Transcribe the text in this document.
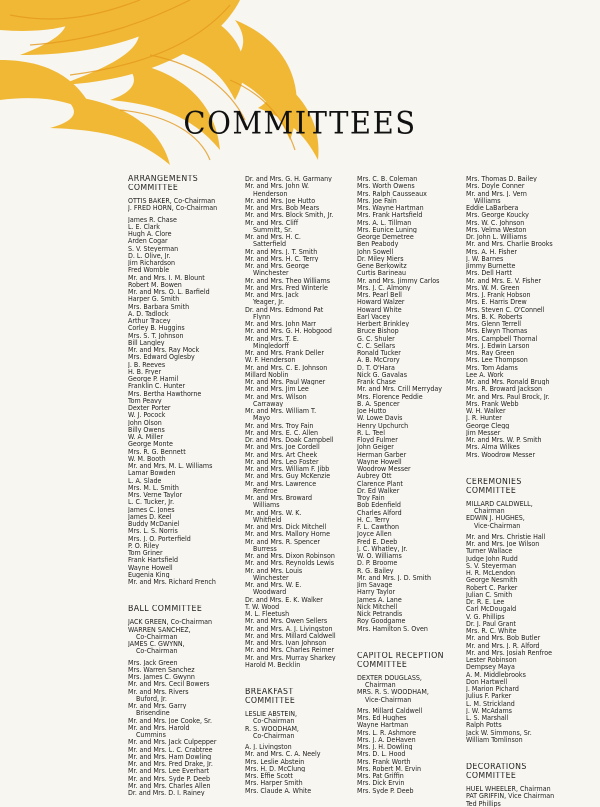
COMMITTEES
ARRANGEMENTS
COMMITTEE
OTTIS BAKER, Co-Chairman
J. FRED HORN, Co-Chairman
James R. Chase
L. E. Clark
Hugh A. Clore
Arden Cogar
S. V. Steyerman
D. L. Olive, Jr.
Jim Richardson
Fred Womble
Mr. and Mrs. I. M. Blount
Robert M. Bowen
Mr. and Mrs. O. L. Barfield
Harper G. Smith
Mrs. Barbara Smith
A. D. Tadlock
Arthur Tracey
Corley B. Huggins
Mrs. S. T. Johnson
Bill Langley
Mr. and Mrs. Ray Mock
Mrs. Edward Oglesby
J. B. Reeves
H. B. Fryer
George P. Hamil
Franklin C. Hunter
Mrs. Bertha Hawthorne
Tom Peavy
Dexter Porter
W. J. Pocock
John Olson
Billy Owens
W. A. Miller
George Monte
Mrs. R. G. Bennett
W. M. Booth
Mr. and Mrs. M. L. Williams
Lamar Bowden
L. A. Slade
Mrs. M. L. Smith
Mrs. Verne Taylor
L. C. Tucker, Jr.
James C. Jones
James D. Keel
Buddy McDaniel
Mrs. L. S. Norris
Mrs. J. O. Porterfield
P. O. Riley
Tom Griner
Frank Hartsfield
Wayne Howell
Eugenia King
Mr. and Mrs. Richard French
BALL COMMITTEE
JACK GREEN, Co-Chairman
WARREN SANCHEZ,
Co-Chairman
JAMES C. GWYNN,
Co-Chairman
Mrs. Jack Green
Mrs. Warren Sanchez
Mrs. James C. Gwynn
Mr. and Mrs. Cecil Bowers
Mr. and Mrs. Rivers
Buford, Jr.
Mr. and Mrs. Garry
Brisendine
Mr. and Mrs. Joe Cooke, Sr.
Mr. and Mrs. Harold
Cummins
Mr. and Mrs. Jack Culpepper
Mr. and Mrs. L. C. Crabtree
Mr. and Mrs. Ham Dowling
Mr. and Mrs. Fred Drake, Jr.
Mr. and Mrs. Lee Everhart
Mr. and Mrs. Syde P. Deeb
Mr. and Mrs. Charles Allen
Dr. and Mrs. D. I. Rainey
Dr. and Mrs. G. H. Garmany
Mr. and Mrs. John W.
Henderson
Mr. and Mrs. Joe Hutto
Mr. and Mrs. Bob Mears
Mr. and Mrs. Block Smith, Jr.
Mr. and Mrs. Cliff
Summitt, Sr.
Mr. and Mrs. H. C.
Satterfield
Mr. and Mrs. J. T. Smith
Mr. and Mrs. H. C. Terry
Mr. and Mrs. George
Winchester
Mr. and Mrs. Theo Williams
Mr. and Mrs. Fred Winterle
Mr. and Mrs. Jack
Yeager, Jr.
Dr. and Mrs. Edmond Pat
Flynn
Mr. and Mrs. John Marr
Mr. and Mrs. G. H. Hobgood
Mr. and Mrs. T. E.
Mingledorff
Mr. and Mrs. Frank Deller
W. F. Henderson
Mr. and Mrs. C. E. Johnson
Millard Noblin
Mr. and Mrs. Paul Wagner
Mr. and Mrs. Jim Lee
Mr. and Mrs. Wilson
Carraway
Mr. and Mrs. William T.
Mayo
Mr. and Mrs. Troy Fain
Mr. and Mrs. E. C. Allen
Dr. and Mrs. Doak Campbell
Mr. and Mrs. Joe Cordell
Mr. and Mrs. Art Cheek
Mr. and Mrs. Leo Foster
Mr. and Mrs. William F. Jibb
Mr. and Mrs. Guy McKenzie
Mr. and Mrs. Lawrence
Renfroe
Mr. and Mrs. Broward
Williams
Mr. and Mrs. W. K.
Whitfield
Mr. and Mrs. Dick Mitchell
Mr. and Mrs. Mallory Horne
Mr. and Mrs. R. Spencer
Burress
Mr. and Mrs. Dixon Robinson
Mr. and Mrs. Reynolds Lewis
Mr. and Mrs. Louis
Winchester
Mr. and Mrs. W. E.
Woodward
Dr. and Mrs. E. K. Walker
T. W. Wood
M. L. Fleetush
Mr. and Mrs. Owen Sellers
Mr. and Mrs. A. J. Livingston
Mr. and Mrs. Millard Caldwell
Mr. and Mrs. Ivan Johnson
Mr. and Mrs. Charles Reimer
Mr. and Mrs. Murray Sharkey
Harold M. Becklin
BREAKFAST
COMMITTEE
LESLIE ABSTEIN,
Co-Chairman
R. S. WOODHAM,
Co-Chairman
A. J. Livingston
Mr. and Mrs. C. A. Neely
Mrs. Leslie Abstein
Mrs. H. D. McClung
Mrs. Effie Scott
Mrs. Harper Smith
Mrs. Claude A. White
Mrs. C. B. Coleman
Mrs. Worth Owens
Mrs. Ralph Causseaux
Mrs. Joe Fain
Mrs. Wayne Hartman
Mrs. Frank Hartsfield
Mrs. A. L. Tillman
Mrs. Eunice Luning
George Demetree
Ben Peabody
John Sowell
Dr. Miley Miers
Gene Berkowitz
Curtis Barineau
Mr. and Mrs. Jimmy Carlos
Mrs. J. C. Almony
Mrs. Pearl Bell
Howard Walzer
Howard White
Earl Vacey
Herbert Brinkley
Bruce Bishop
G. C. Shuler
C. C. Sellars
Ronald Tucker
A. B. McCrory
D. T. O'Hara
Nick G. Gavalas
Frank Chase
Mr. and Mrs. Crill Merryday
Mrs. Florence Peddie
B. A. Spencer
Joe Hutto
W. Lowe Davis
Henry Upchurch
R. L. Teel
Floyd Fulmer
John Geiger
Herman Garber
Wayne Howell
Woodrow Messer
Aubrey Ott
Clarence Plant
Dr. Ed Walker
Troy Fain
Bob Edenfield
Charles Alford
H. C. Terry
F. L. Cawthon
Joyce Allen
Fred E. Deeb
J. C. Whatley, Jr.
W. O. Williams
D. P. Broome
R. G. Bailey
Mr. and Mrs. J. D. Smith
Jim Savage
Harry Taylor
James A. Lane
Nick Mitchell
Nick Petrandis
Roy Goodgame
Mrs. Hamilton S. Oven
CAPITOL RECEPTION
COMMITTEE
DEXTER DOUGLASS,
Chairman
MRS. R. S. WOODHAM,
Vice-Chairman
Mrs. Millard Caldwell
Mrs. Ed Hughes
Wayne Hartman
Mrs. L. R. Ashmore
Mrs. J. A. DeHaven
Mrs. J. H. Dowling
Mrs. D. L. Hood
Mrs. Frank Worth
Mrs. Robert M. Ervin
Mrs. Pat Griffin
Mrs. Dick Ervin
Mrs. Syde P. Deeb
Mrs. Thomas D. Bailey
Mrs. Doyle Conner
Mr. and Mrs. J. Vern
Williams
Eddie LaBarbera
Mrs. George Koucky
Mrs. W. C. Johnson
Mrs. Velma Weston
Dr. John L. Williams
Mr. and Mrs. Charlie Brooks
Mrs. A. H. Fisher
J. W. Barnes
Jimmy Burnette
Mrs. Dell Hartt
Mr. and Mrs. E. V. Fisher
Mrs. W. M. Green
Mrs. J. Frank Hobson
Mrs. E. Harris Drew
Mrs. Steven C. O'Connell
Mrs. B. K. Roberts
Mrs. Glenn Terrell
Mrs. Elwyn Thomas
Mrs. Campbell Thornal
Mrs. J. Edwin Larson
Mrs. Ray Green
Mrs. Lee Thompson
Mrs. Tom Adams
Lee A. Work
Mr. and Mrs. Ronald Brugh
Mrs. R. Broward Jackson
Mr. and Mrs. Paul Brock, Jr.
Mrs. Frank Webb
W. H. Walker
J. R. Hunter
George Clegg
Jim Messer
Mr. and Mrs. W. P. Smith
Mrs. Alma Wilkes
Mrs. Woodrow Messer
CEREMONIES
COMMITTEE
MILLARD CALDWELL,
Chairman
EDWIN J. HUGHES,
Vice-Chairman
Mr. and Mrs. Christie Hall
Mr. and Mrs. Joe Wilson
Turner Wallace
Judge John Rudd
S. V. Steyerman
H. R. McLendon
George Nesmith
Robert C. Parker
Julian C. Smith
Dr. R. E. Lee
Carl McDougald
V. G. Phillips
Dr. J. Paul Grant
Mrs. R. C. White
Mr. and Mrs. Bob Butler
Mr. and Mrs. J. R. Alford
Mr. and Mrs. Josiah Renfroe
Lester Robinson
Dempsey Maya
A. M. Middlebrooks
Don Hartwell
J. Marion Pichard
Julius F. Parker
L. M. Strickland
J. W. McAdams
L. S. Marshall
Ralph Potts
Jack W. Simmons, Sr.
William Tomlinson
DECORATIONS
COMMITTEE
HUEL WHEELER, Chairman
PAT GRIFFIN, Vice Chairman
Ted Phillips
